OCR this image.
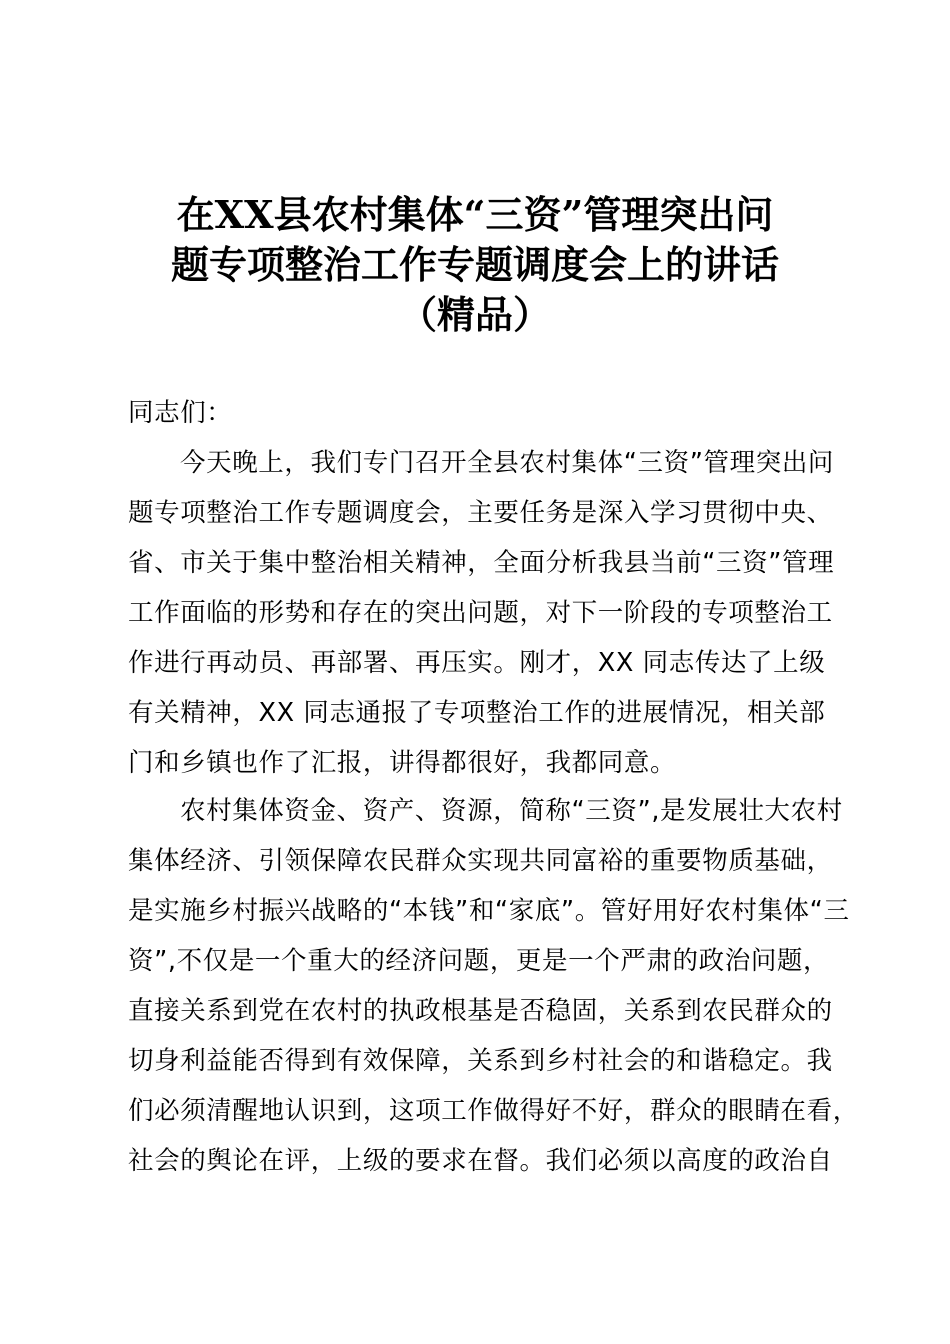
在XX县农村集体“三资”管理突出问
题专项整治工作专题调度会上的讲话
（精品）
同志们：
今天晚上，我们专门召开全县农村集体“三资”管理突出问
题专项整治工作专题调度会，主要任务是深入学习贯彻中央、
省、市关于集中整治相关精神，全面分析我县当前“三资”管理
工作面临的形势和存在的突出问题，对下一阶段的专项整治工
作进行再动员、再部署、再压实。刚才，XX 同志传达了上级
有关精神，XX 同志通报了专项整治工作的进展情况，相关部
门和乡镇也作了汇报，讲得都很好，我都同意。
农村集体资金、资产、资源，简称“三资”,是发展壮大农村
集体经济、引领保障农民群众实现共同富裕的重要物质基础，
是实施乡村振兴战略的“本钱”和“家底”。管好用好农村集体“三
资”,不仅是一个重大的经济问题，更是一个严肃的政治问题，
直接关系到党在农村的执政根基是否稳固，关系到农民群众的
切身利益能否得到有效保障，关系到乡村社会的和谐稳定。我
们必须清醒地认识到，这项工作做得好不好，群众的眼睛在看，
社会的舆论在评，上级的要求在督。我们必须以高度的政治自
